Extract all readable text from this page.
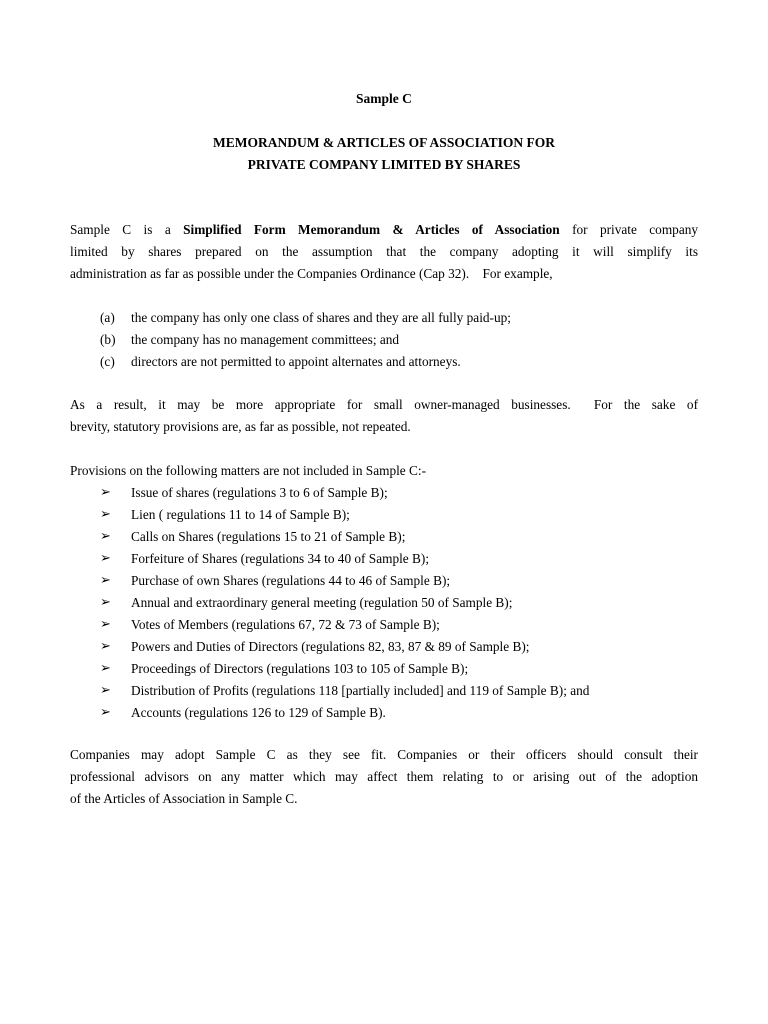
Sample C
MEMORANDUM & ARTICLES OF ASSOCIATION FOR
PRIVATE COMPANY LIMITED BY SHARES
Sample C is a Simplified Form Memorandum & Articles of Association for private company
limited by shares prepared on the assumption that the company adopting it will simplify its
administration as far as possible under the Companies Ordinance (Cap 32).    For example,
(a)	the company has only one class of shares and they are all fully paid-up;
(b)	the company has no management committees; and
(c)	directors are not permitted to appoint alternates and attorneys.
As a result, it may be more appropriate for small owner-managed businesses.  For the sake of
brevity, statutory provisions are, as far as possible, not repeated.
Provisions on the following matters are not included in Sample C:-
➢	Issue of shares (regulations 3 to 6 of Sample B);
➢	Lien ( regulations 11 to 14 of Sample B);
➢	Calls on Shares (regulations 15 to 21 of Sample B);
➢	Forfeiture of Shares (regulations 34 to 40 of Sample B);
➢	Purchase of own Shares (regulations 44 to 46 of Sample B);
➢	Annual and extraordinary general meeting (regulation 50 of Sample B);
➢	Votes of Members (regulations 67, 72 & 73 of Sample B);
➢	Powers and Duties of Directors (regulations 82, 83, 87 & 89 of Sample B);
➢	Proceedings of Directors (regulations 103 to 105 of Sample B);
➢	Distribution of Profits (regulations 118 [partially included] and 119 of Sample B); and
➢	Accounts (regulations 126 to 129 of Sample B).
Companies may adopt Sample C as they see fit. Companies or their officers should consult their
professional advisors on any matter which may affect them relating to or arising out of the adoption
of the Articles of Association in Sample C.
